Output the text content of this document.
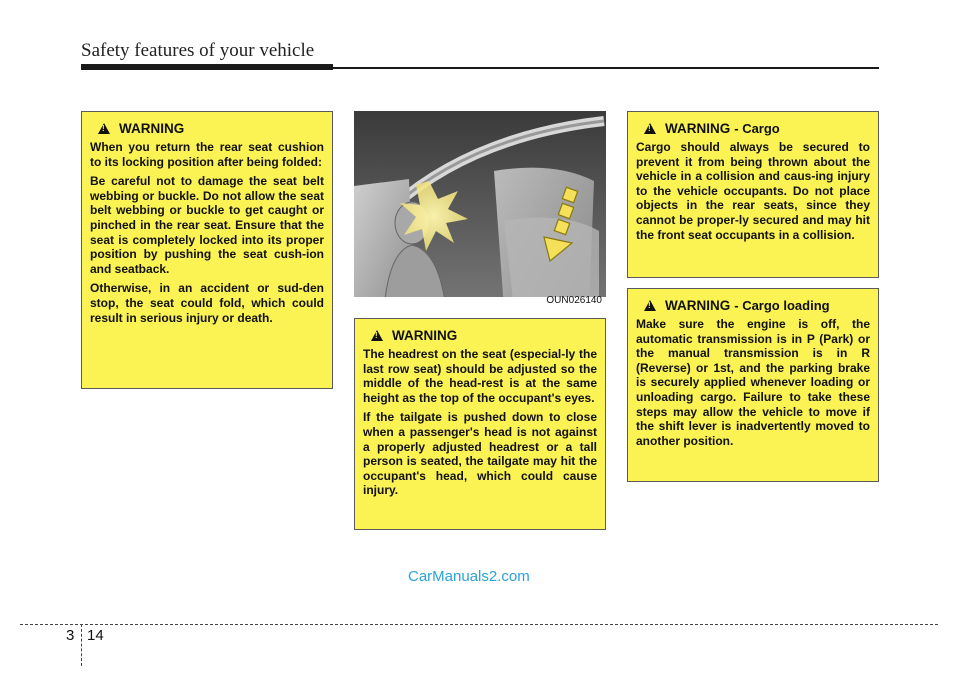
Safety features of your vehicle
!
WARNING

When you return the rear seat cushion to its locking position after being folded:

Be careful not to damage the seat belt webbing or buckle. Do not allow the seat belt webbing or buckle to get caught or pinched in the rear seat. Ensure that the seat is completely locked into its proper position by pushing the seat cush-ion and seatback.

Otherwise, in an accident or sud-den stop, the seat could fold, which could result in serious injury or death.

OUN026140
!
WARNING

The headrest on the seat (especial-ly the last row seat) should be adjusted so the middle of the head-rest is at the same height as the top of the occupant's eyes.

If the tailgate is pushed down to close when a passenger's head is not against a properly adjusted headrest or a tall person is seated, the tailgate may hit the occupant's head, which could cause injury.

!
WARNING - Cargo

Cargo should always be secured to prevent it from being thrown about the vehicle in a collision and caus-ing injury to the vehicle occupants. Do not place objects in the rear seats, since they cannot be proper-ly secured and may hit the front seat occupants in a collision.

!
WARNING - Cargo loading

Make sure the engine is off, the automatic transmission is in P (Park) or the manual transmission is in R (Reverse) or 1st, and the parking brake is securely applied whenever loading or unloading cargo. Failure to take these steps may allow the vehicle to move if the shift lever is inadvertently moved to another position.

CarManuals2.com
3 14
